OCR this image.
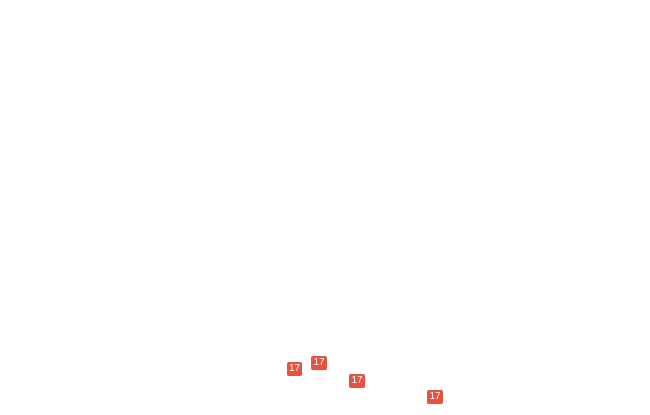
17
17
17
17
